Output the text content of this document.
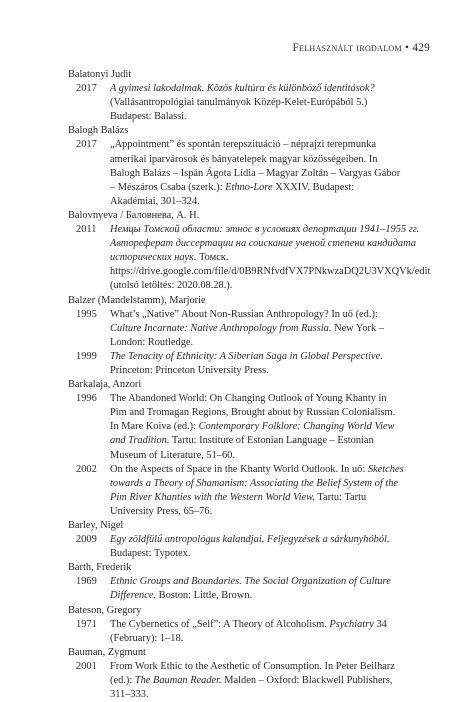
Felhasznált irodalom • 429
Balatonyi Judit
2017	A gyimesi lakodalmak. Közös kultúra és különböző identitások? (Vallásantropológiai tanulmányok Közép-Kelet-Európából 5.) Budapest: Balassi.
Balogh Balázs
2017	„Appointment” és spontán terepszituáció – néprajzi terepmunka amerikai iparvárosok és bányatelepek magyar közösségeiben. In Balogh Balázs – Ispán Ágota Lídia – Magyar Zoltán – Vargyas Gábor – Mészáros Csaba (szerk.): Ethno-Lore XXXIV. Budapest: Akadémiai, 301–324.
Balovnyeva / Баловнева, А. Н.
2011	Немцы Томской области: этнос в условиях депортации 1941–1955 гг. Автореферат диссертации на соискание ученой степени кандидата исторических наук. Томск. https://drive.google.com/file/d/0B9RNfvdfVX7PNkwzaDQ2U3VXQVk/edit (utolsó letöltés: 2020.08.28.).
Balzer (Mandelstamm), Marjorie
1995	What’s „Native” About Non-Russian Anthropology? In uő (ed.): Culture Incarnate: Native Anthropology from Russia. New York – London: Routledge.
1999	The Tenacity of Ethnicity: A Siberian Saga in Global Perspective. Princeton: Princeton University Press.
Barkalaja, Anzori
1996	The Abandoned World: On Changing Outlook of Young Khanty in Pim and Tromagan Regions, Brought about by Russian Colonialism. In Mare Koiva (ed.): Contemporary Folklore: Changing World View and Tradition. Tartu: Institute of Estonian Language – Estonian Museum of Literature, 51–60.
2002	On the Aspects of Space in the Khanty World Outlook. In uő: Sketches towards a Theory of Shamanism: Associating the Belief System of the Pim River Khanties with the Western World View. Tartu: Tartu University Press, 65–76.
Barley, Nigel
2009	Egy zöldfülű antropológus kalandjai. Feljegyzések a sárkunyhóból. Budapest: Typotex.
Barth, Frederik
1969	Ethnic Groups and Boundaries. The Social Organization of Culture Difference. Boston: Little, Brown.
Bateson, Gregory
1971	The Cybernetics of „Self”: A Theory of Alcoholism. Psychiatry 34 (February): 1–18.
Bauman, Zygmunt
2001	From Work Ethic to the Aesthetic of Consumption. In Peter Beilharz (ed.): The Bauman Reader. Malden – Oxford: Blackwell Publishers, 311–333.
